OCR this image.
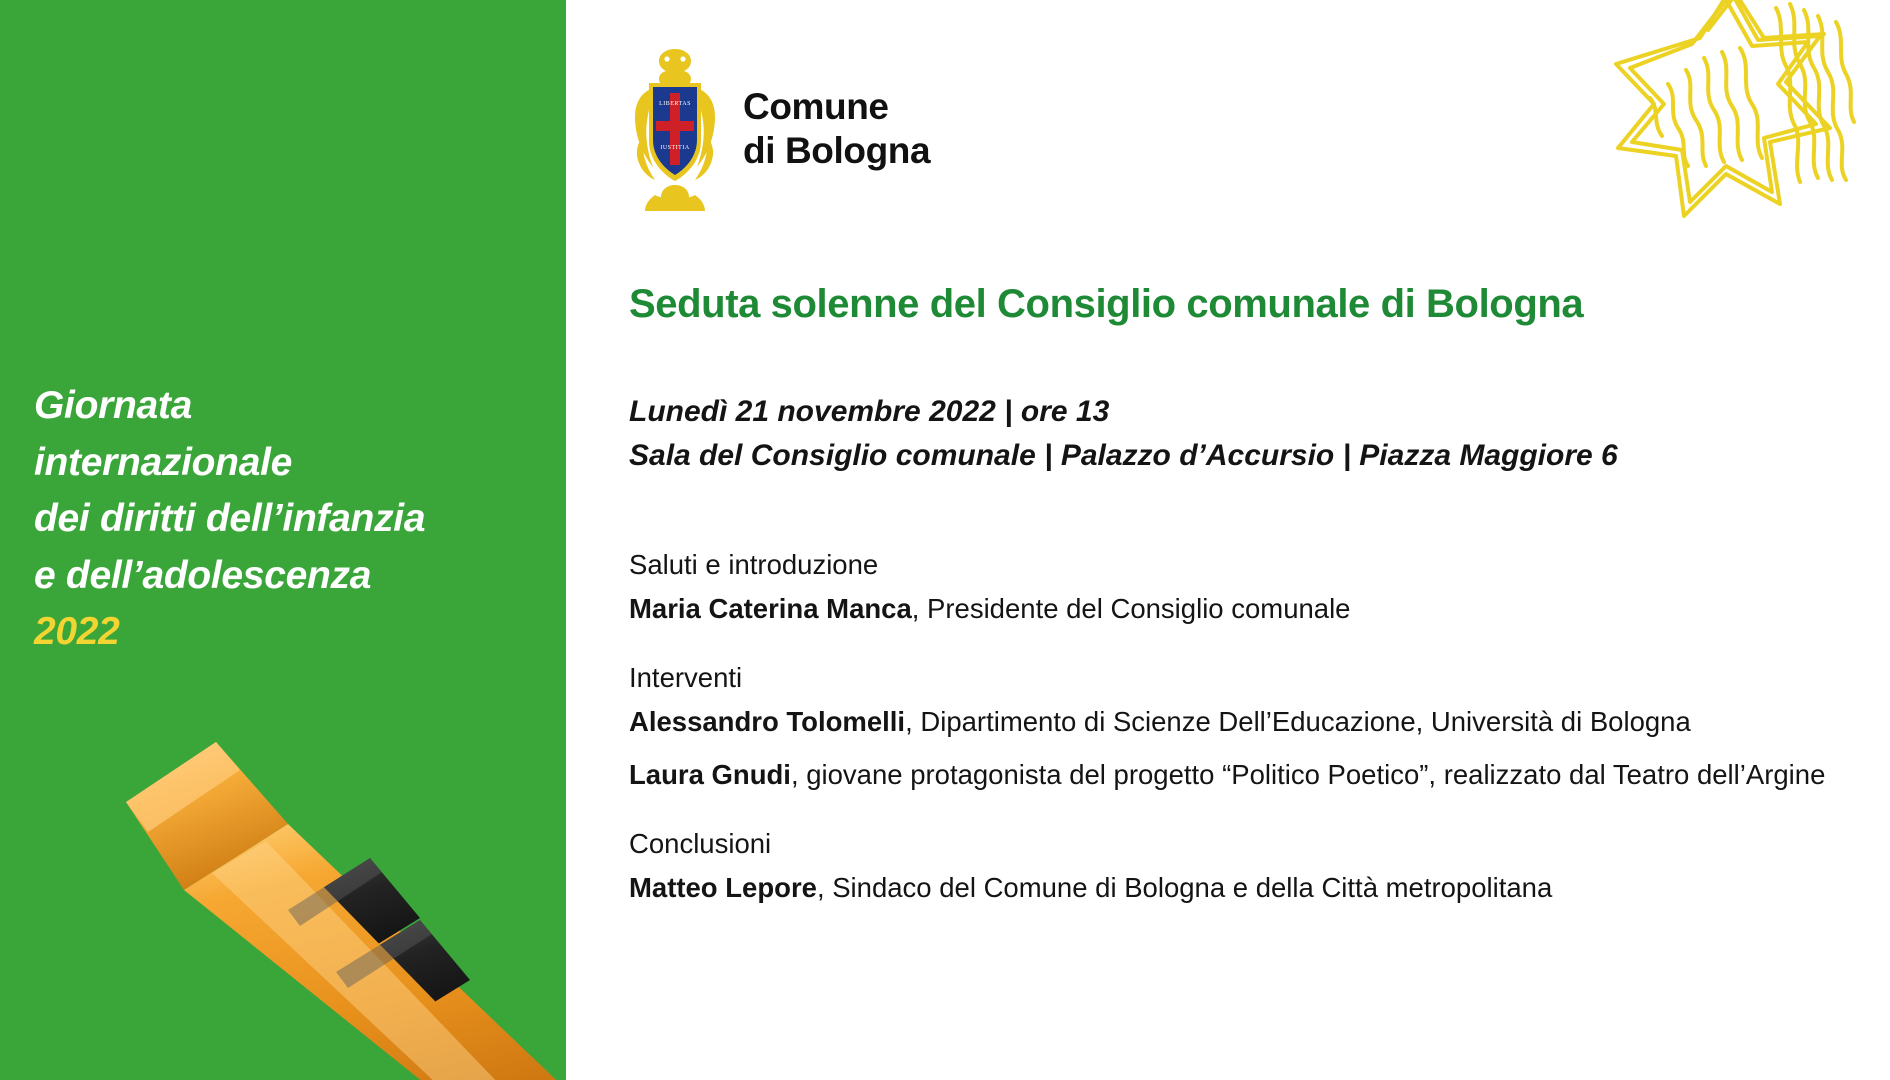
Giornata
internazionale
dei diritti dell’infanzia
e dell’adolescenza
2022
LIBERTAS
IUSTITIA
Comune
di Bologna
Seduta solenne del Consiglio comunale di Bologna
Lunedì 21 novembre 2022 | ore 13
Sala del Consiglio comunale | Palazzo d’Accursio | Piazza Maggiore 6
Saluti e introduzione
Maria Caterina Manca, Presidente del Consiglio comunale
Interventi
Alessandro Tolomelli, Dipartimento di Scienze Dell’Educazione, Università di Bologna
Laura Gnudi, giovane protagonista del progetto “Politico Poetico”, realizzato dal Teatro dell’Argine
Conclusioni
Matteo Lepore, Sindaco del Comune di Bologna e della Città metropolitana
